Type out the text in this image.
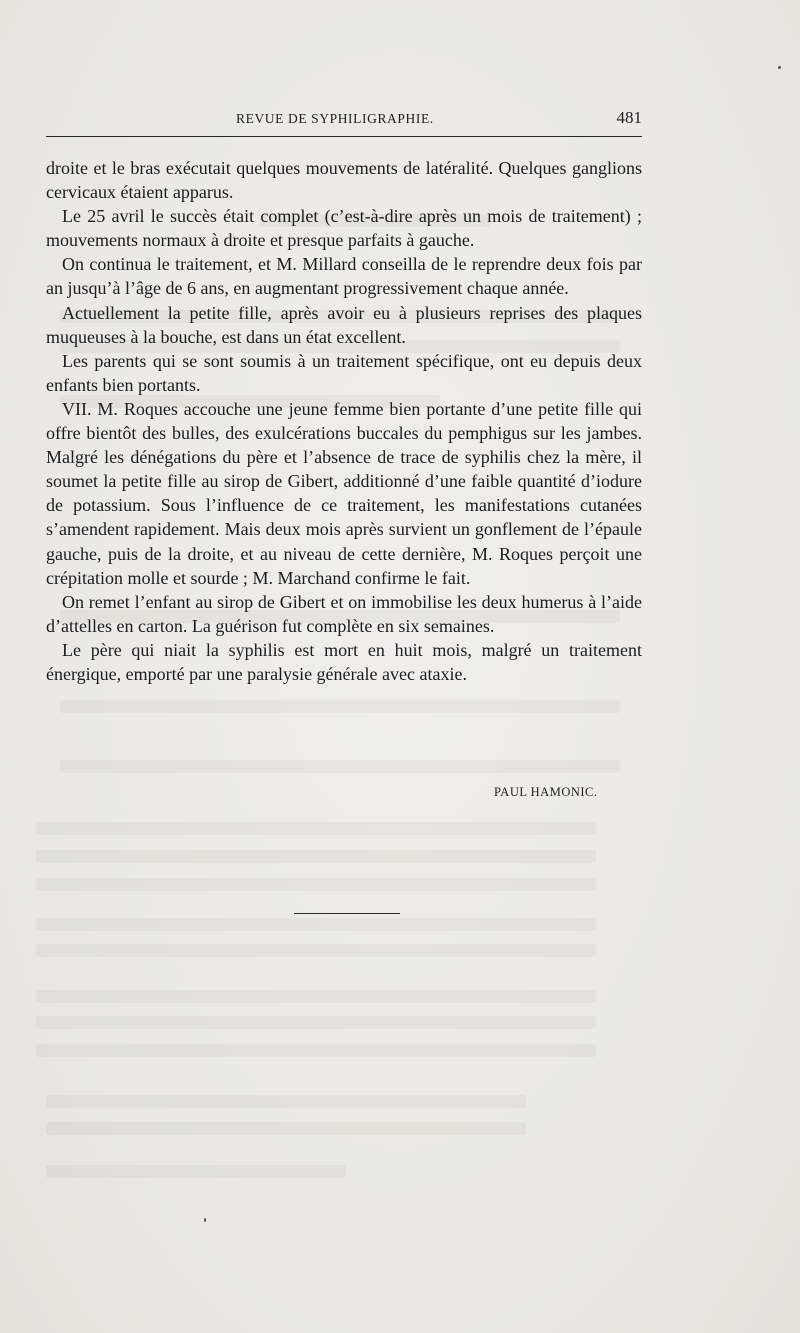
REVUE DE SYPHILIGRAPHIE.	481

droite et le bras exécutait quelques mouvements de latéralité. Quelques ganglions cervicaux étaient apparus.

Le 25 avril le succès était complet (c’est-à-dire après un mois de traitement) ; mouvements normaux à droite et presque parfaits à gauche.

On continua le traitement, et M. Millard conseilla de le reprendre deux fois par an jusqu’à l’âge de 6 ans, en augmentant progressivement chaque année.

Actuellement la petite fille, après avoir eu à plusieurs reprises des plaques muqueuses à la bouche, est dans un état excellent.

Les parents qui se sont soumis à un traitement spécifique, ont eu depuis deux enfants bien portants.

VII. M. Roques accouche une jeune femme bien portante d’une petite fille qui offre bientôt des bulles, des exulcérations buccales du pemphigus sur les jambes. Malgré les dénégations du père et l’absence de trace de syphilis chez la mère, il soumet la petite fille au sirop de Gibert, additionné d’une faible quantité d’iodure de potassium. Sous l’influence de ce traitement, les manifestations cutanées s’amendent rapidement. Mais deux mois après survient un gonflement de l’épaule gauche, puis de la droite, et au niveau de cette dernière, M. Roques perçoit une crépitation molle et sourde ; M. Marchand confirme le fait.

On remet l’enfant au sirop de Gibert et on immobilise les deux humerus à l’aide d’attelles en carton. La guérison fut complète en six semaines.

Le père qui niait la syphilis est mort en huit mois, malgré un traitement énergique, emporté par une paralysie générale avec ataxie.

PAUL HAMONIC.
